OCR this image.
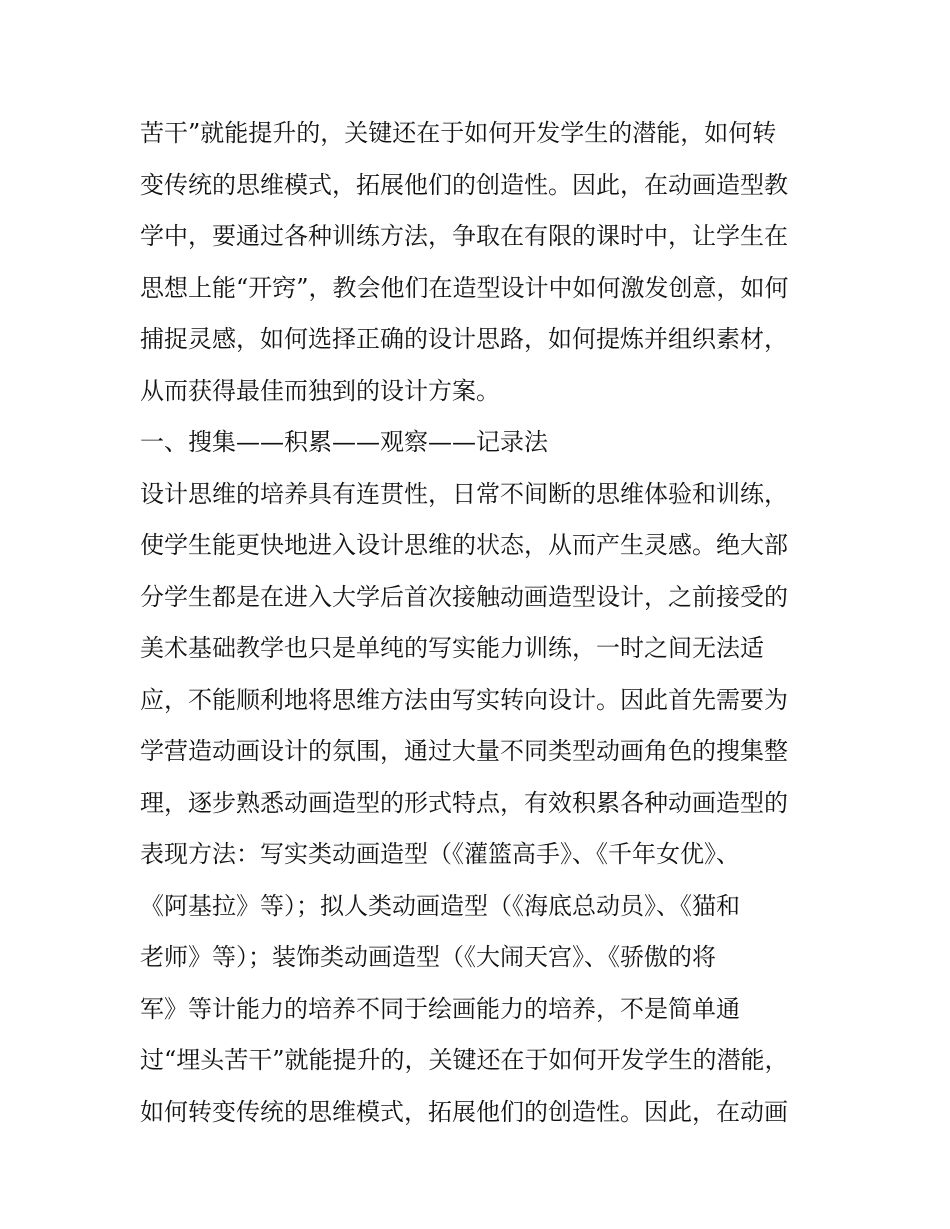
苦干”就能提升的，关键还在于如何开发学生的潜能，如何转
变传统的思维模式，拓展他们的创造性。因此，在动画造型教
学中，要通过各种训练方法，争取在有限的课时中，让学生在
思想上能“开窍”，教会他们在造型设计中如何激发创意，如何
捕捉灵感，如何选择正确的设计思路，如何提炼并组织素材，
从而获得最佳而独到的设计方案。
一、搜集——积累——观察——记录法
设计思维的培养具有连贯性，日常不间断的思维体验和训练，
使学生能更快地进入设计思维的状态，从而产生灵感。绝大部
分学生都是在进入大学后首次接触动画造型设计，之前接受的
美术基础教学也只是单纯的写实能力训练，一时之间无法适
应，不能顺利地将思维方法由写实转向设计。因此首先需要为
学营造动画设计的氛围，通过大量不同类型动画角色的搜集整
理，逐步熟悉动画造型的形式特点，有效积累各种动画造型的
表现方法：写实类动画造型（《灌篮高手》、《千年女优》、
《阿基拉》等）；拟人类动画造型（《海底总动员》、《猫和
老师》等）；装饰类动画造型（《大闹天宫》、《骄傲的将
军》等计能力的培养不同于绘画能力的培养，不是简单通
过“埋头苦干”就能提升的，关键还在于如何开发学生的潜能，
如何转变传统的思维模式，拓展他们的创造性。因此，在动画
